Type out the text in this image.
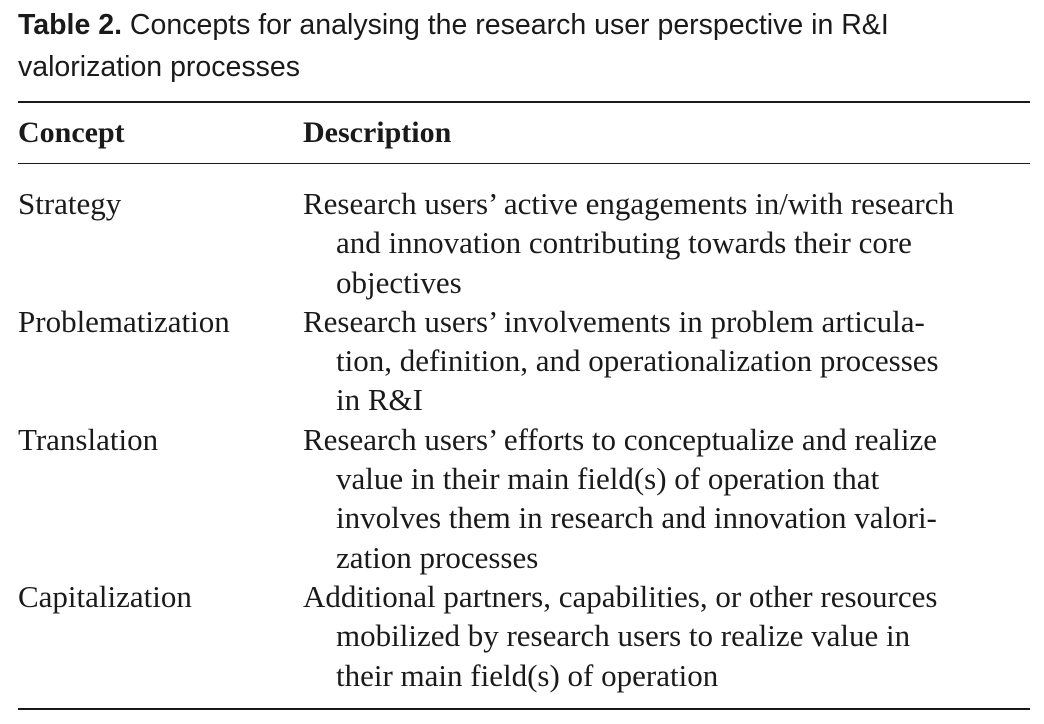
Table 2. Concepts for analysing the research user perspective in R&I
valorization processes
Concept	Description
Strategy	Research users’ active engagements in/with research
and innovation contributing towards their core
objectives
Problematization	Research users’ involvements in problem articula-
tion, definition, and operationalization processes
in R&I
Translation	Research users’ efforts to conceptualize and realize
value in their main field(s) of operation that
involves them in research and innovation valori-
zation processes
Capitalization	Additional partners, capabilities, or other resources
mobilized by research users to realize value in
their main field(s) of operation
